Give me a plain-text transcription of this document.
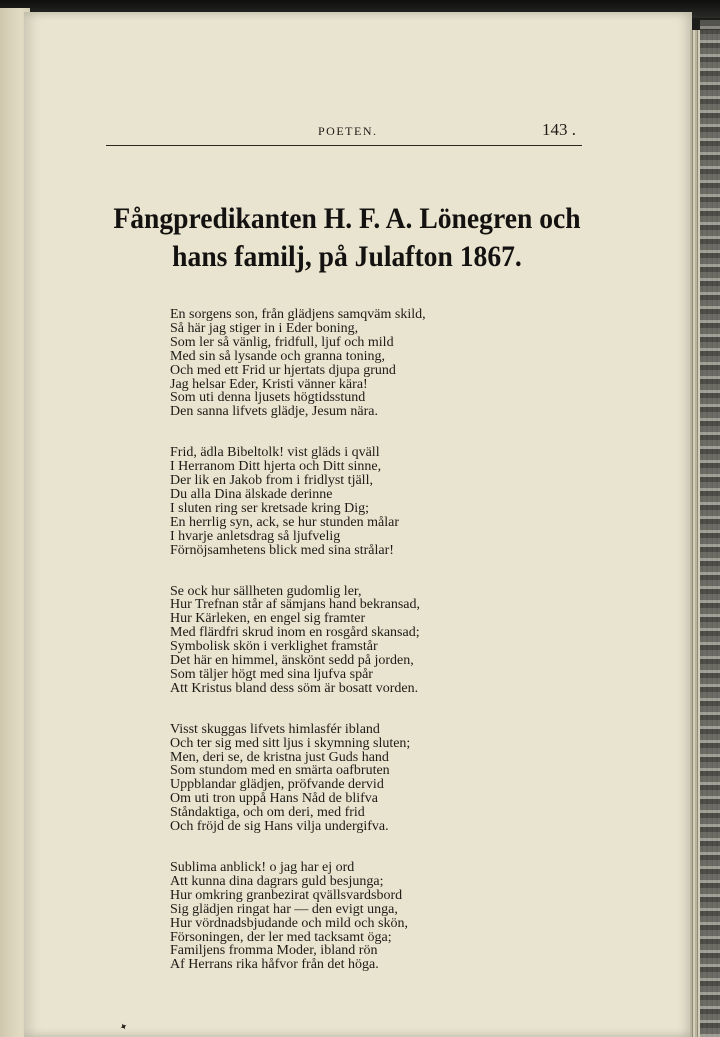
POETEN.	143 .
Fångpredikanten H. F. A. Lönegren och
hans familj, på Julafton 1867.
En sorgens son, från glädjens samqväm skild,
Så här jag stiger in i Eder boning,
Som ler så vänlig, fridfull, ljuf och mild
Med sin så lysande och granna toning,
Och med ett Frid ur hjertats djupa grund
Jag helsar Eder, Kristi vänner kära!
Som uti denna ljusets högtidsstund
Den sanna lifvets glädje, Jesum nära.
Frid, ädla Bibeltolk! vist gläds i qväll
I Herranom Ditt hjerta och Ditt sinne,
Der lik en Jakob from i fridlyst tjäll,
Du alla Dina älskade derinne
I sluten ring ser kretsade kring Dig;
En herrlig syn, ack, se hur stunden målar
I hvarje anletsdrag så ljufvelig
Förnöjsamhetens blick med sina strålar!
Se ock hur sällheten gudomlig ler,
Hur Trefnan står af sämjans hand bekransad,
Hur Kärleken, en engel sig framter
Med flärdfri skrud inom en rosgård skansad;
Symbolisk skön i verklighet framstår
Det här en himmel, änskönt sedd på jorden,
Som täljer högt med sina ljufva spår
Att Kristus bland dess söm är bosatt vorden.
Visst skuggas lifvets himlasfér ibland
Och ter sig med sitt ljus i skymning sluten;
Men, deri se, de kristna just Guds hand
Som stundom med en smärta oafbruten
Uppblandar glädjen, pröfvande dervid
Om uti tron uppå Hans Nåd de blifva
Ståndaktiga, och om deri, med frid
Och fröjd de sig Hans vilja undergifva.
Sublima anblick! o jag har ej ord
Att kunna dina dagrars guld besjunga;
Hur omkring granbezirat qvällsvardsbord
Sig glädjen ringat har — den evigt unga,
Hur vördnadsbjudande och mild och skön,
Försoningen, der ler med tacksamt öga;
Familjens fromma Moder, ibland rön
Af Herrans rika håfvor från det höga.
✦
